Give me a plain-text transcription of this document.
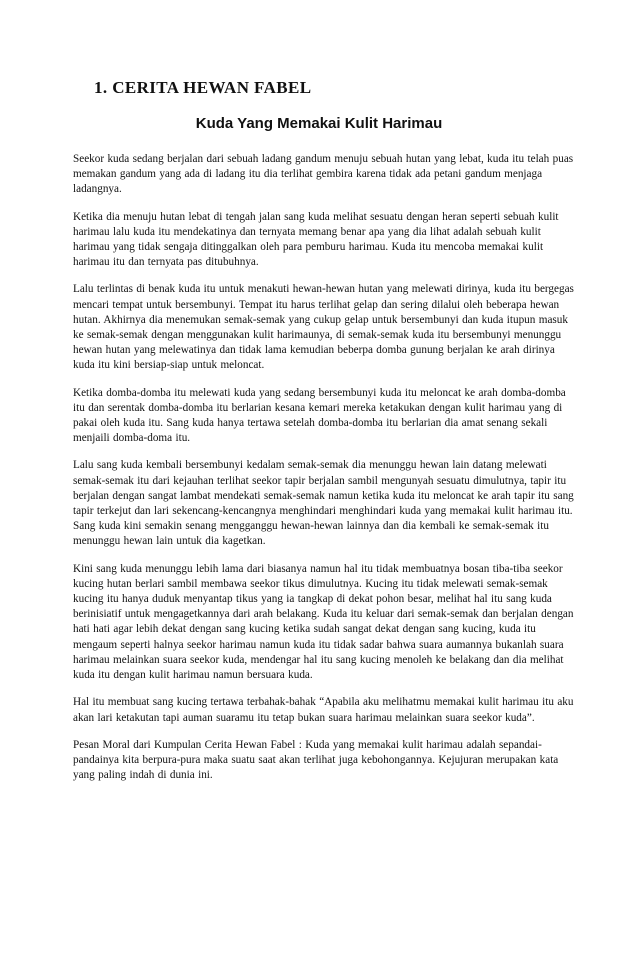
1. CERITA HEWAN FABEL
Kuda Yang Memakai Kulit Harimau

Seekor kuda sedang berjalan dari sebuah ladang gandum menuju sebuah hutan yang lebat, kuda itu telah puas memakan gandum yang ada di ladang itu dia terlihat gembira karena tidak ada petani gandum menjaga ladangnya.

Ketika dia menuju hutan lebat di tengah jalan sang kuda melihat sesuatu dengan heran seperti sebuah kulit harimau lalu kuda itu mendekatinya dan ternyata memang benar apa yang dia lihat adalah sebuah kulit harimau yang tidak sengaja ditinggalkan oleh para pemburu harimau. Kuda itu mencoba memakai kulit harimau itu dan ternyata pas ditubuhnya.

Lalu terlintas di benak kuda itu untuk menakuti hewan-hewan hutan yang melewati dirinya, kuda itu bergegas mencari tempat untuk bersembunyi. Tempat itu harus terlihat gelap dan sering dilalui oleh beberapa hewan hutan. Akhirnya dia menemukan semak-semak yang cukup gelap untuk bersembunyi dan kuda itupun masuk ke semak-semak dengan menggunakan kulit harimaunya, di semak-semak kuda itu bersembunyi menunggu hewan hutan yang melewatinya dan tidak lama kemudian beberpa domba gunung berjalan ke arah dirinya kuda itu kini bersiap-siap untuk meloncat.

Ketika domba-domba itu melewati kuda yang sedang bersembunyi kuda itu meloncat ke arah domba-domba itu dan serentak domba-domba itu berlarian kesana kemari mereka ketakukan dengan kulit harimau yang di pakai oleh kuda itu. Sang kuda hanya tertawa setelah domba-domba itu berlarian dia amat senang sekali menjaili domba-doma itu.

Lalu sang kuda kembali bersembunyi kedalam semak-semak dia menunggu hewan lain datang melewati semak-semak itu dari kejauhan terlihat seekor tapir berjalan sambil mengunyah sesuatu dimulutnya, tapir itu berjalan dengan sangat lambat mendekati semak-semak namun ketika kuda itu meloncat ke arah tapir itu sang tapir terkejut dan lari sekencang-kencangnya menghindari menghindari kuda yang memakai kulit harimau itu. Sang kuda kini semakin senang mengganggu hewan-hewan lainnya dan dia kembali ke semak-semak itu menunggu hewan lain untuk dia kagetkan.

Kini sang kuda menunggu lebih lama dari biasanya namun hal itu tidak membuatnya bosan tiba-tiba seekor kucing hutan berlari sambil membawa seekor tikus dimulutnya. Kucing itu tidak melewati semak-semak kucing itu hanya duduk menyantap tikus yang ia tangkap di dekat pohon besar, melihat hal itu sang kuda berinisiatif untuk mengagetkannya dari arah belakang. Kuda itu keluar dari semak-semak dan berjalan dengan hati hati agar lebih dekat dengan sang kucing ketika sudah sangat dekat dengan sang kucing, kuda itu mengaum seperti halnya seekor harimau namun kuda itu tidak sadar bahwa suara aumannya bukanlah suara harimau melainkan suara seekor kuda, mendengar hal itu sang kucing menoleh ke belakang dan dia melihat kuda itu dengan kulit harimau namun bersuara kuda.

Hal itu membuat sang kucing tertawa terbahak-bahak “Apabila aku melihatmu memakai kulit harimau itu aku akan lari ketakutan tapi auman suaramu itu tetap bukan suara harimau melainkan suara seekor kuda”.

Pesan Moral dari Kumpulan Cerita Hewan Fabel : Kuda yang memakai kulit harimau adalah sepandai-pandainya kita berpura-pura maka suatu saat akan terlihat juga kebohongannya. Kejujuran merupakan kata yang paling indah di dunia ini.
